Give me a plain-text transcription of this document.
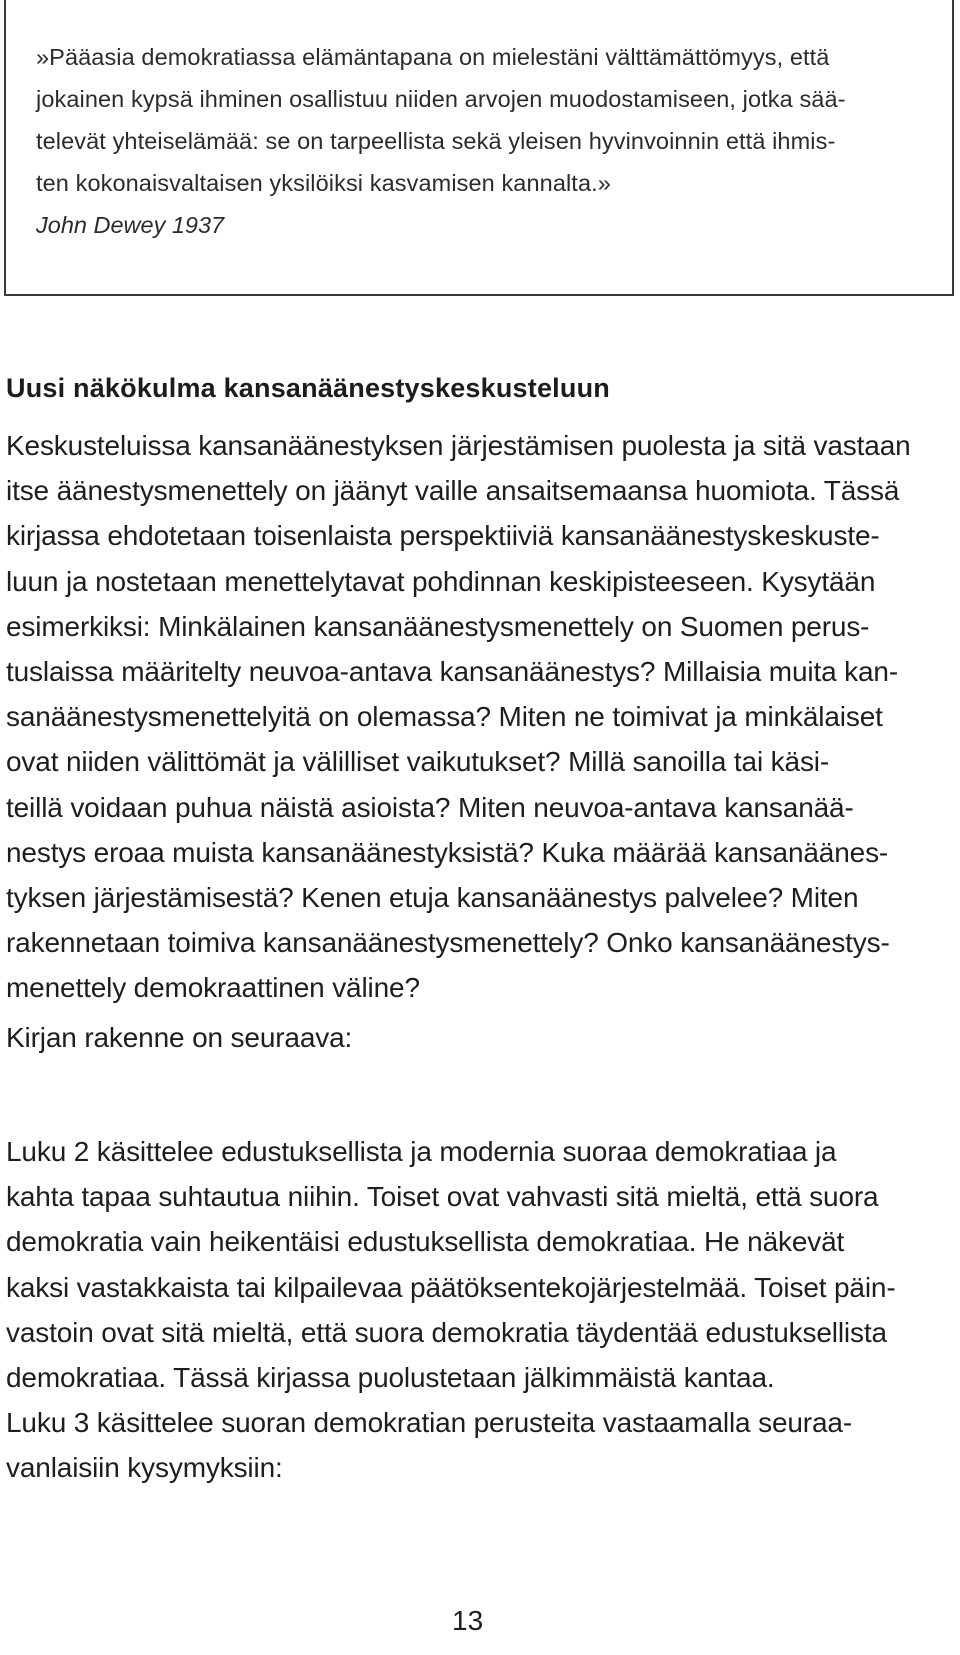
»Pääasia demokratiassa elämäntapana on mielestäni välttämättömyys, että
jokainen kypsä ihminen osallistuu niiden arvojen muodostamiseen, jotka sää-
televät yhteiselämää: se on tarpeellista sekä yleisen hyvinvoinnin että ihmis-
ten kokonaisvaltaisen yksilöiksi kasvamisen kannalta.»

John Dewey 1937

Uusi näkökulma kansanäänestyskeskusteluun

Keskusteluissa kansanäänestyksen järjestämisen puolesta ja sitä vastaan
itse äänestysmenettely on jäänyt vaille ansaitsemaansa huomiota. Tässä
kirjassa ehdotetaan toisenlaista perspektiiviä kansanäänestyskeskuste-
luun ja nostetaan menettelytavat pohdinnan keskipisteeseen. Kysytään
esimerkiksi: Minkälainen kansanäänestysmenettely on Suomen perus-
tuslaissa määritelty neuvoa-antava kansanäänestys? Millaisia muita kan-
sanäänestysmenettelyitä on olemassa? Miten ne toimivat ja minkälaiset
ovat niiden välittömät ja välilliset vaikutukset? Millä sanoilla tai käsi-
teillä voidaan puhua näistä asioista? Miten neuvoa-antava kansanää-
nestys eroaa muista kansanäänestyksistä? Kuka määrää kansanäänes-
tyksen järjestämisestä? Kenen etuja kansanäänestys palvelee? Miten
rakennetaan toimiva kansanäänestysmenettely? Onko kansanäänestys-
menettely demokraattinen väline?

Kirjan rakenne on seuraava:

Luku 2 käsittelee edustuksellista ja modernia suoraa demokratiaa ja
kahta tapaa suhtautua niihin. Toiset ovat vahvasti sitä mieltä, että suora
demokratia vain heikentäisi edustuksellista demokratiaa. He näkevät
kaksi vastakkaista tai kilpailevaa päätöksentekojärjestelmää. Toiset päin-
vastoin ovat sitä mieltä, että suora demokratia täydentää edustuksellista
demokratiaa. Tässä kirjassa puolustetaan jälkimmäistä kantaa.

Luku 3 käsittelee suoran demokratian perusteita vastaamalla seuraa-
vanlaisiin kysymyksiin:

13
